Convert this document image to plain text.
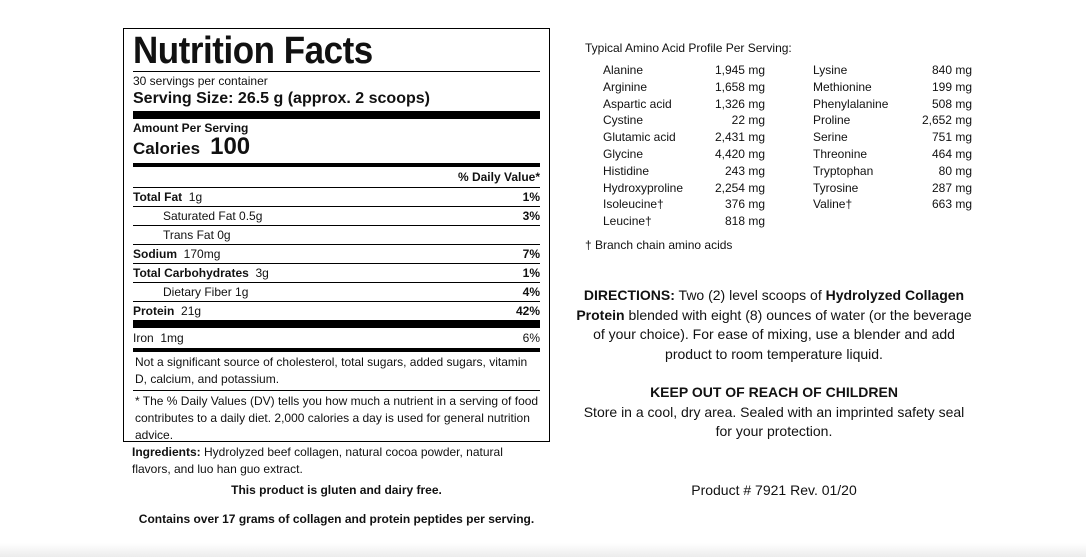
Nutrition Facts
30 servings per container
Serving Size: 26.5 g (approx. 2 scoops)
Amount Per Serving
Calories 100
% Daily Value*
Total Fat 1g	1%
Saturated Fat 0.5g	3%
Trans Fat 0g
Sodium 170mg	7%
Total Carbohydrates 3g	1%
Dietary Fiber 1g	4%
Protein 21g	42%
Iron 1mg	6%
Not a significant source of cholesterol, total sugars, added sugars, vitamin D, calcium, and potassium.
* The % Daily Values (DV) tells you how much a nutrient in a serving of food contributes to a daily diet. 2,000 calories a day is used for general nutrition advice.
Ingredients: Hydrolyzed beef collagen, natural cocoa powder, natural flavors, and luo han guo extract.
This product is gluten and dairy free.
Contains over 17 grams of collagen and protein peptides per serving.
Typical Amino Acid Profile Per Serving:
Alanine	1,945 mg
Arginine	1,658 mg
Aspartic acid	1,326 mg
Cystine	22 mg
Glutamic acid	2,431 mg
Glycine	4,420 mg
Histidine	243 mg
Hydroxyproline	2,254 mg
Isoleucine†	376 mg
Leucine†	818 mg
Lysine	840 mg
Methionine	199 mg
Phenylalanine	508 mg
Proline	2,652 mg
Serine	751 mg
Threonine	464 mg
Tryptophan	80 mg
Tyrosine	287 mg
Valine†	663 mg
† Branch chain amino acids
DIRECTIONS: Two (2) level scoops of Hydrolyzed Collagen Protein blended with eight (8) ounces of water (or the beverage of your choice). For ease of mixing, use a blender and add product to room temperature liquid.
KEEP OUT OF REACH OF CHILDREN
Store in a cool, dry area. Sealed with an imprinted safety seal for your protection.
Product # 7921 Rev. 01/20
